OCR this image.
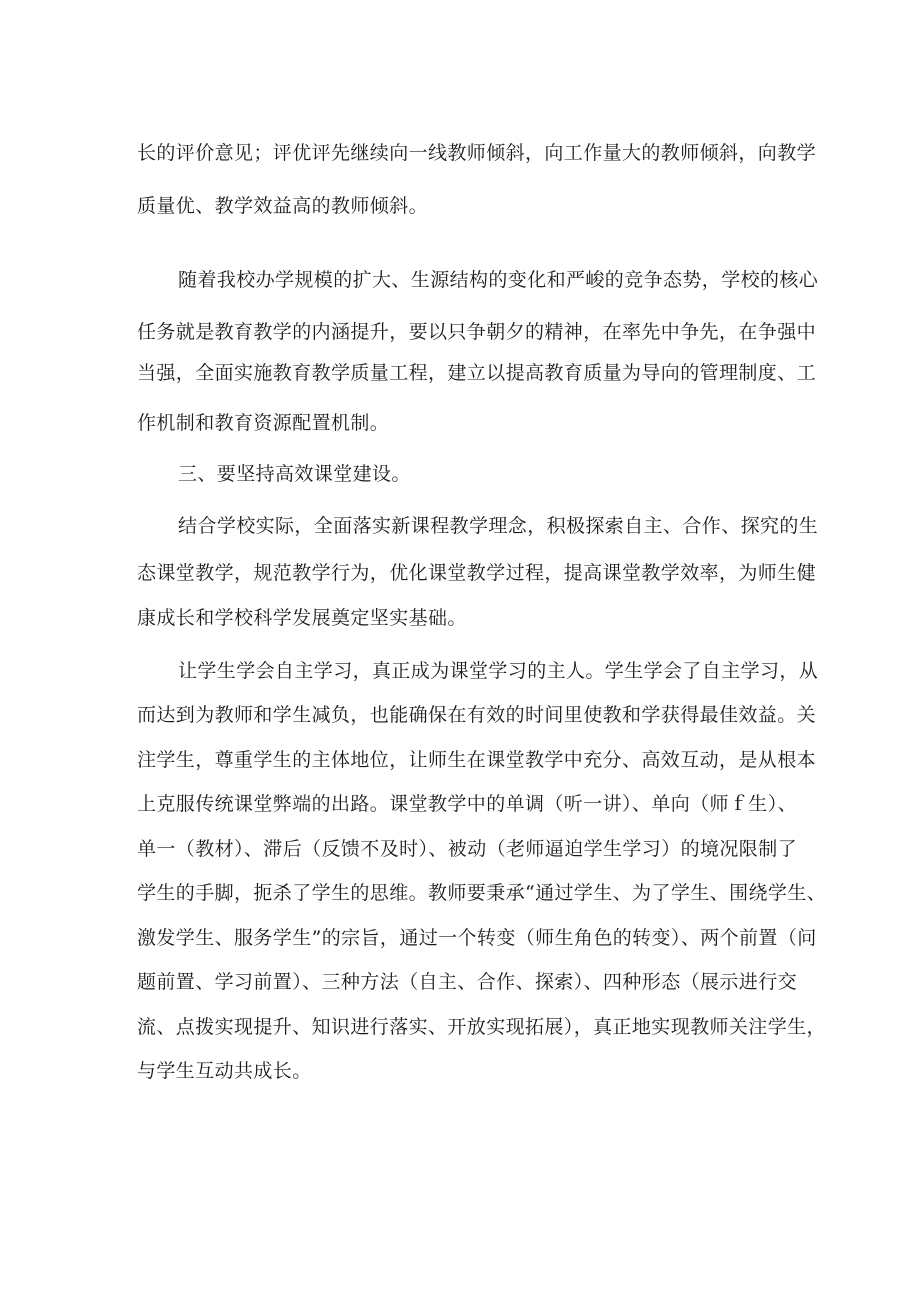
长的评价意见；评优评先继续向一线教师倾斜，向工作量大的教师倾斜，向教学

质量优、教学效益高的教师倾斜。

随着我校办学规模的扩大、生源结构的变化和严峻的竞争态势，学校的核心

任务就是教育教学的内涵提升，要以只争朝夕的精神，在率先中争先，在争强中

当强，全面实施教育教学质量工程，建立以提高教育质量为导向的管理制度、工

作机制和教育资源配置机制。

三、要坚持高效课堂建设。

结合学校实际，全面落实新课程教学理念，积极探索自主、合作、探究的生

态课堂教学，规范教学行为，优化课堂教学过程，提高课堂教学效率，为师生健

康成长和学校科学发展奠定坚实基础。

让学生学会自主学习，真正成为课堂学习的主人。学生学会了自主学习，从

而达到为教师和学生减负，也能确保在有效的时间里使教和学获得最佳效益。关

注学生，尊重学生的主体地位，让师生在课堂教学中充分、高效互动，是从根本

上克服传统课堂弊端的出路。课堂教学中的单调（听一讲）、单向（师ｆ生）、

单一（教材）、滞后（反馈不及时）、被动（老师逼迫学生学习）的境况限制了

学生的手脚，扼杀了学生的思维。教师要秉承“通过学生、为了学生、围绕学生、

激发学生、服务学生”的宗旨，通过一个转变（师生角色的转变）、两个前置（问

题前置、学习前置）、三种方法（自主、合作、探索）、四种形态（展示进行交

流、点拨实现提升、知识进行落实、开放实现拓展），真正地实现教师关注学生，

与学生互动共成长。
